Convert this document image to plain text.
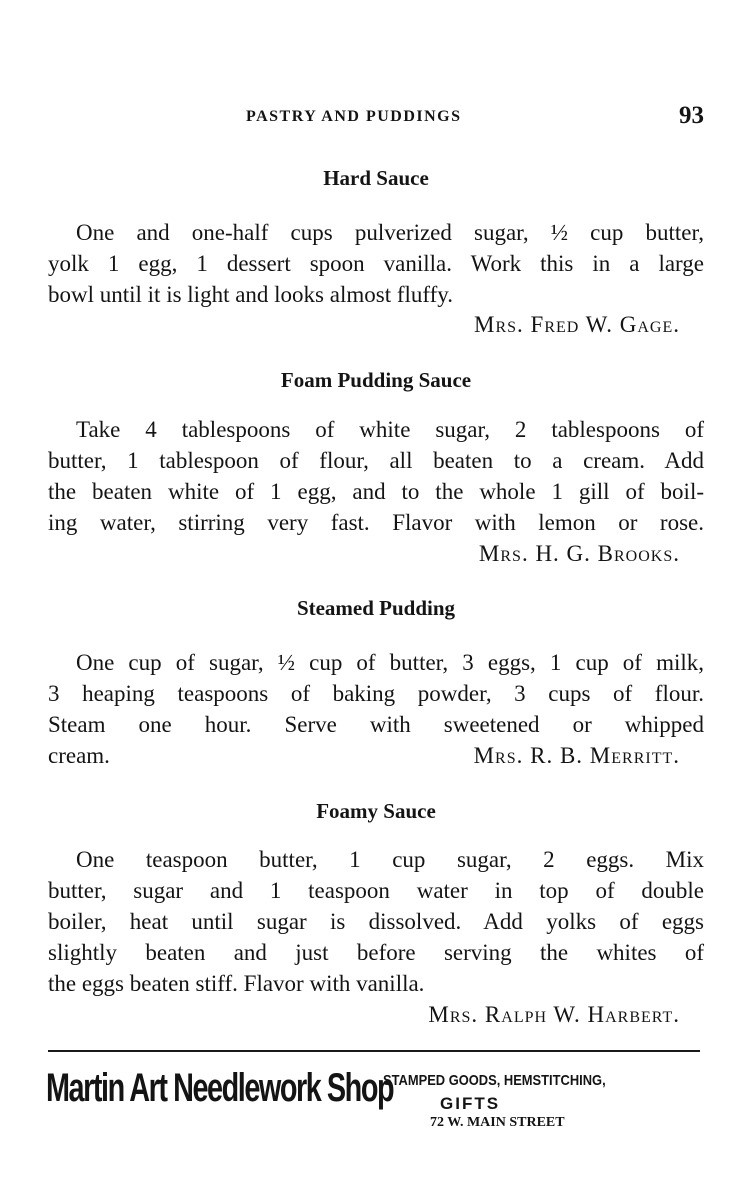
PASTRY AND PUDDINGS	93
Hard Sauce
One and one-half cups pulverized sugar, ½ cup butter,
yolk 1 egg, 1 dessert spoon vanilla. Work this in a large
bowl until it is light and looks almost fluffy.
Mrs. Fred W. Gage.
Foam Pudding Sauce
Take 4 tablespoons of white sugar, 2 tablespoons of
butter, 1 tablespoon of flour, all beaten to a cream. Add
the beaten white of 1 egg, and to the whole 1 gill of boil-
ing water, stirring very fast. Flavor with lemon or rose.
Mrs. H. G. Brooks.
Steamed Pudding
One cup of sugar, ½ cup of butter, 3 eggs, 1 cup of milk,
3 heaping teaspoons of baking powder, 3 cups of flour.
Steam one hour. Serve with sweetened or whipped
cream.	Mrs. R. B. Merritt.
Foamy Sauce
One teaspoon butter, 1 cup sugar, 2 eggs. Mix
butter, sugar and 1 teaspoon water in top of double
boiler, heat until sugar is dissolved. Add yolks of eggs
slightly beaten and just before serving the whites of
the eggs beaten stiff. Flavor with vanilla.
Mrs. Ralph W. Harbert.
Martin Art Needlework Shop
STAMPED GOODS, HEMSTITCHING,
GIFTS
72 W. MAIN STREET
